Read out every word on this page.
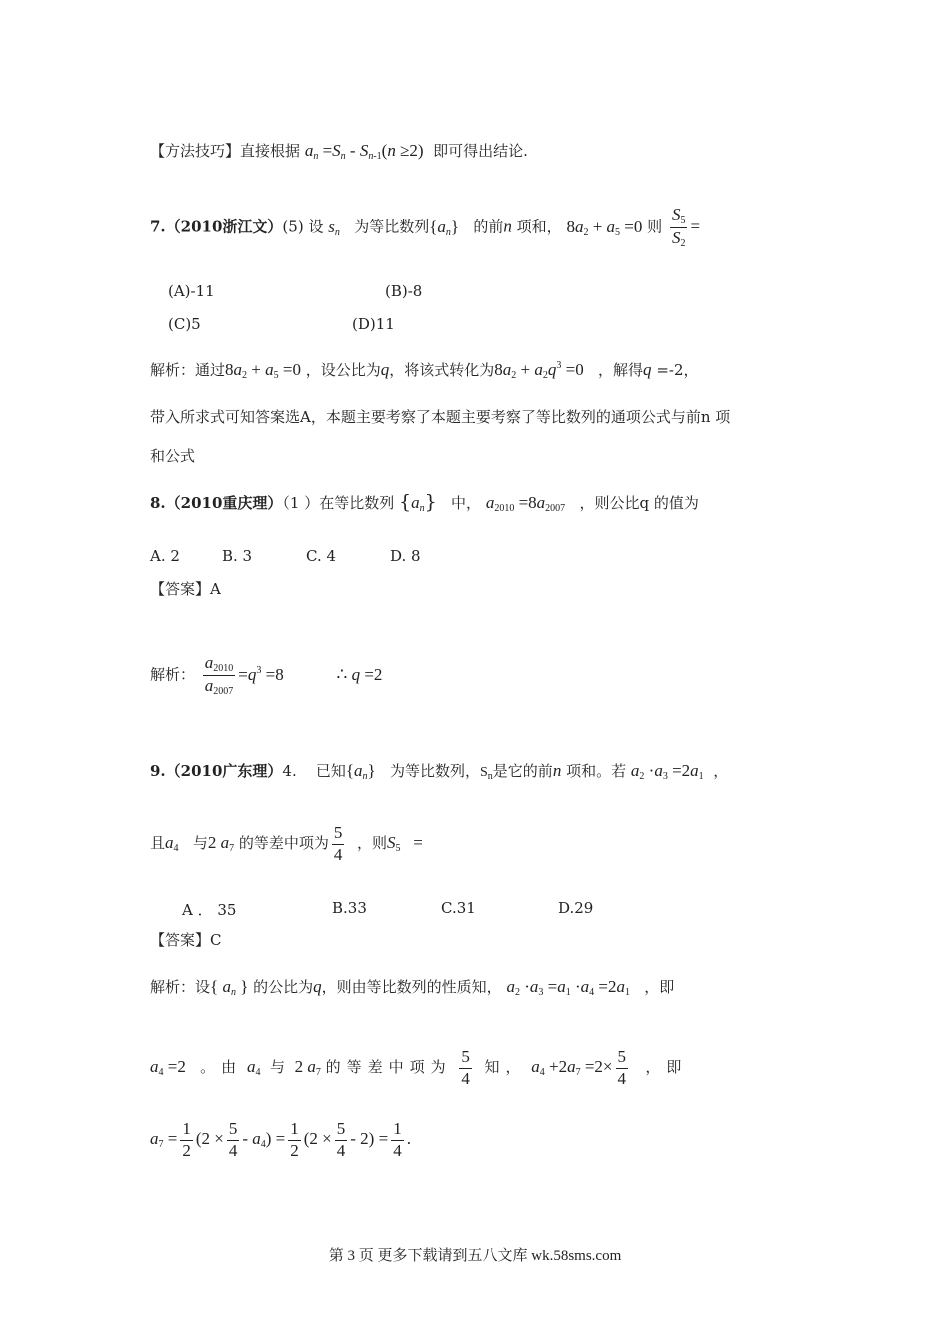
【方法技巧】直接根据 $a_n =S_n - S_{n-1}(n \ge 2)$ 即可得出结论.
7.（2010浙江文）(5) 设 $s_n$ 为等比数列$\{a_n\}$ 的前n 项和， $8a_2 + a_5 =0$ 则 $\frac{S_5}{S_2}$ =
(A)-11	(B)-8
(C)5	(D)11
解析：通过$8a_2 + a_5 =0$ ，设公比为q，将该式转化为$8a_2 + a_2q^3 =0$ ，解得q =-2，
带入所求式可知答案选A，本题主要考察了本题主要考察了等比数列的通项公式与前n 项
和公式
8.（2010重庆理）（1 ）在等比数列 $\{a_n\}$ 中， $a_{2010} =8a_{2007}$ ，则公比q 的值为
A. 2	B. 3	C. 4	D. 8
【答案】A
解析： $\frac{a_{2010}}{a_{2007}} =q^3 =8$	∴ q =2
9.（2010广东理）4. 已知$\{a_n\}$ 为等比数列，$S_n$是它的前n 项和。若 $a_2 \cdot a_3 =2a_1$ ，
且$a_4$ 与2 $a_7$ 的等差中项为 $\frac{5}{4}$ ，则$S_5$   =
A ． 35	B.33	C.31	D.29
【答案】C
解析：设{ $a_n$ } 的公比为q，则由等比数列的性质知， $a_2 \cdot a_3 =a_1 \cdot a_4 =2a_1$ ，即
$a_4 =2$ 。由 $a_4$ 与 2 $a_7$ 的等差中项为 $\frac{5}{4}$ 知， $a_4 +2a_7 =2\times \frac{5}{4}$ ，即
$a_7 = \frac{1}{2} (2 \times \frac{5}{4} - a_4) = \frac{1}{2} (2 \times \frac{5}{4} - 2) = \frac{1}{4}$ .
第 3 页 更多下载请到五八文库 wk.58sms.com
